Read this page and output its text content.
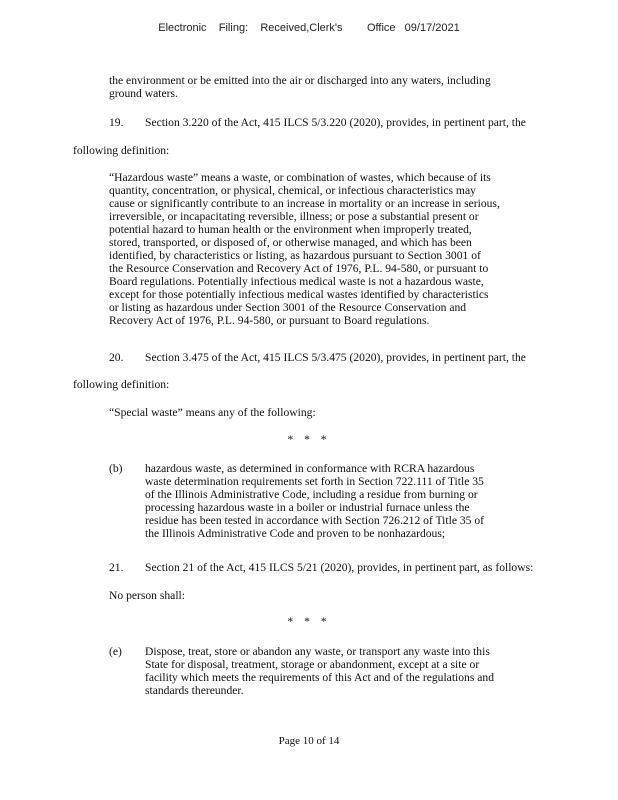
Electronic    Filing:    Received,Clerk's        Office   09/17/2021

the environment or be emitted into the air or discharged into any waters, including

ground waters.

19. Section 3.220 of the Act, 415 ILCS 5/3.220 (2020), provides, in pertinent part, the
following definition:

“Hazardous waste” means a waste, or combination of wastes, which because of its

quantity, concentration, or physical, chemical, or infectious characteristics may

cause or significantly contribute to an increase in mortality or an increase in serious,

irreversible, or incapacitating reversible, illness; or pose a substantial present or

potential hazard to human health or the environment when improperly treated,

stored, transported, or disposed of, or otherwise managed, and which has been

identified, by characteristics or listing, as hazardous pursuant to Section 3001 of

the Resource Conservation and Recovery Act of 1976, P.L. 94-580, or pursuant to

Board regulations. Potentially infectious medical waste is not a hazardous waste,

except for those potentially infectious medical wastes identified by characteristics

or listing as hazardous under Section 3001 of the Resource Conservation and

Recovery Act of 1976, P.L. 94-580, or pursuant to Board regulations.

20. Section 3.475 of the Act, 415 ILCS 5/3.475 (2020), provides, in pertinent part, the
following definition:
“Special waste” means any of the following:
* * *
(b) hazardous waste, as determined in conformance with RCRA hazardous

waste determination requirements set forth in Section 722.111 of Title 35

of the Illinois Administrative Code, including a residue from burning or

processing hazardous waste in a boiler or industrial furnace unless the

residue has been tested in accordance with Section 726.212 of Title 35 of

the Illinois Administrative Code and proven to be nonhazardous;

21. Section 21 of the Act, 415 ILCS 5/21 (2020), provides, in pertinent part, as follows:
No person shall:
* * *
(e) Dispose, treat, store or abandon any waste, or transport any waste into this

State for disposal, treatment, storage or abandonment, except at a site or

facility which meets the requirements of this Act and of the regulations and

standards thereunder.

Page 10 of 14
